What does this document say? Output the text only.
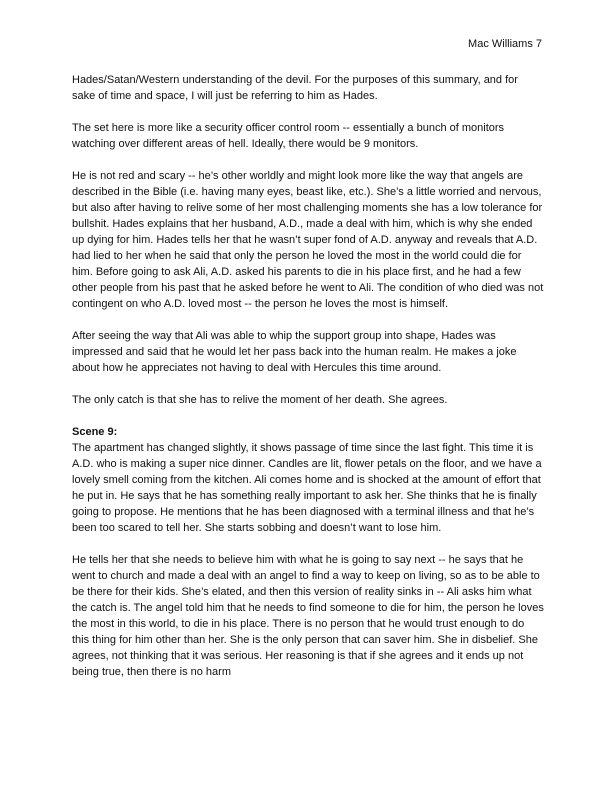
Mac Williams 7

Hades/Satan/Western understanding of the devil. For the purposes of this summary, and for sake of time and space, I will just be referring to him as Hades.

The set here is more like a security officer control room -- essentially a bunch of monitors watching over different areas of hell. Ideally, there would be 9 monitors.

He is not red and scary -- he’s other worldly and might look more like the way that angels are described in the Bible (i.e. having many eyes, beast like, etc.). She’s a little worried and nervous, but also after having to relive some of her most challenging moments she has a low tolerance for bullshit. Hades explains that her husband, A.D., made a deal with him, which is why she ended up dying for him. Hades tells her that he wasn’t super fond of A.D. anyway and reveals that A.D. had lied to her when he said that only the person he loved the most in the world could die for him. Before going to ask Ali, A.D. asked his parents to die in his place first, and he had a few other people from his past that he asked before he went to Ali. The condition of who died was not contingent on who A.D. loved most -- the person he loves the most is himself.

After seeing the way that Ali was able to whip the support group into shape, Hades was impressed and said that he would let her pass back into the human realm. He makes a joke about how he appreciates not having to deal with Hercules this time around.

The only catch is that she has to relive the moment of her death. She agrees.

Scene 9:

The apartment has changed slightly, it shows passage of time since the last fight. This time it is A.D. who is making a super nice dinner. Candles are lit, flower petals on the floor, and we have a lovely smell coming from the kitchen. Ali comes home and is shocked at the amount of effort that he put in. He says that he has something really important to ask her. She thinks that he is finally going to propose. He mentions that he has been diagnosed with a terminal illness and that he’s been too scared to tell her. She starts sobbing and doesn’t want to lose him.

He tells her that she needs to believe him with what he is going to say next -- he says that he went to church and made a deal with an angel to find a way to keep on living, so as to be able to be there for their kids. She’s elated, and then this version of reality sinks in -- Ali asks him what the catch is. The angel told him that he needs to find someone to die for him, the person he loves the most in this world, to die in his place. There is no person that he would trust enough to do this thing for him other than her. She is the only person that can saver him. She in disbelief. She agrees, not thinking that it was serious. Her reasoning is that if she agrees and it ends up not being true, then there is no harm
